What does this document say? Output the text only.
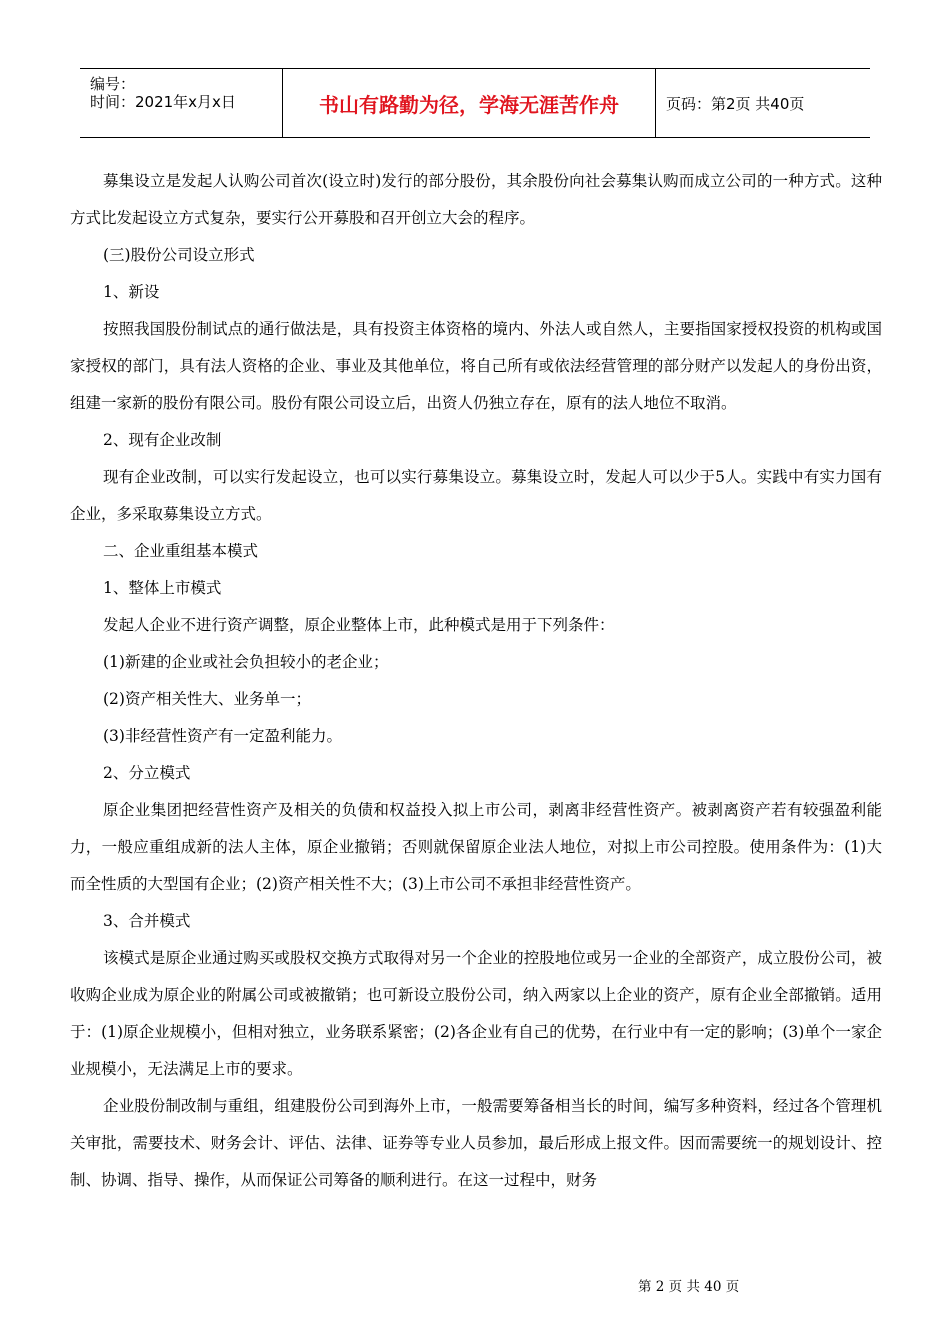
编号：
时间：2021年x月x日	书山有路勤为径，学海无涯苦作舟	页码：第2页 共40页

募集设立是发起人认购公司首次(设立时)发行的部分股份，其余股份向社会募集认购而成立公司的一种方式。这种方式比发起设立方式复杂，要实行公开募股和召开创立大会的程序。

(三)股份公司设立形式

1、新设

按照我国股份制试点的通行做法是，具有投资主体资格的境内、外法人或自然人，主要指国家授权投资的机构或国家授权的部门，具有法人资格的企业、事业及其他单位，将自己所有或依法经营管理的部分财产以发起人的身份出资，组建一家新的股份有限公司。股份有限公司设立后，出资人仍独立存在，原有的法人地位不取消。

2、现有企业改制

现有企业改制，可以实行发起设立，也可以实行募集设立。募集设立时，发起人可以少于5人。实践中有实力国有企业，多采取募集设立方式。

二、企业重组基本模式

1、整体上市模式

发起人企业不进行资产调整，原企业整体上市，此种模式是用于下列条件：

(1)新建的企业或社会负担较小的老企业；

(2)资产相关性大、业务单一；

(3)非经营性资产有一定盈利能力。

2、分立模式

原企业集团把经营性资产及相关的负债和权益投入拟上市公司，剥离非经营性资产。被剥离资产若有较强盈利能力，一般应重组成新的法人主体，原企业撤销；否则就保留原企业法人地位，对拟上市公司控股。使用条件为：(1)大而全性质的大型国有企业；(2)资产相关性不大；(3)上市公司不承担非经营性资产。

3、合并模式

该模式是原企业通过购买或股权交换方式取得对另一个企业的控股地位或另一企业的全部资产，成立股份公司，被收购企业成为原企业的附属公司或被撤销；也可新设立股份公司，纳入两家以上企业的资产，原有企业全部撤销。适用于：(1)原企业规模小，但相对独立，业务联系紧密；(2)各企业有自己的优势，在行业中有一定的影响；(3)单个一家企业规模小，无法满足上市的要求。

企业股份制改制与重组，组建股份公司到海外上市，一般需要筹备相当长的时间，编写多种资料，经过各个管理机关审批，需要技术、财务会计、评估、法律、证券等专业人员参加，最后形成上报文件。因而需要统一的规划设计、控制、协调、指导、操作，从而保证公司筹备的顺利进行。在这一过程中，财务

第 2 页 共 40 页
